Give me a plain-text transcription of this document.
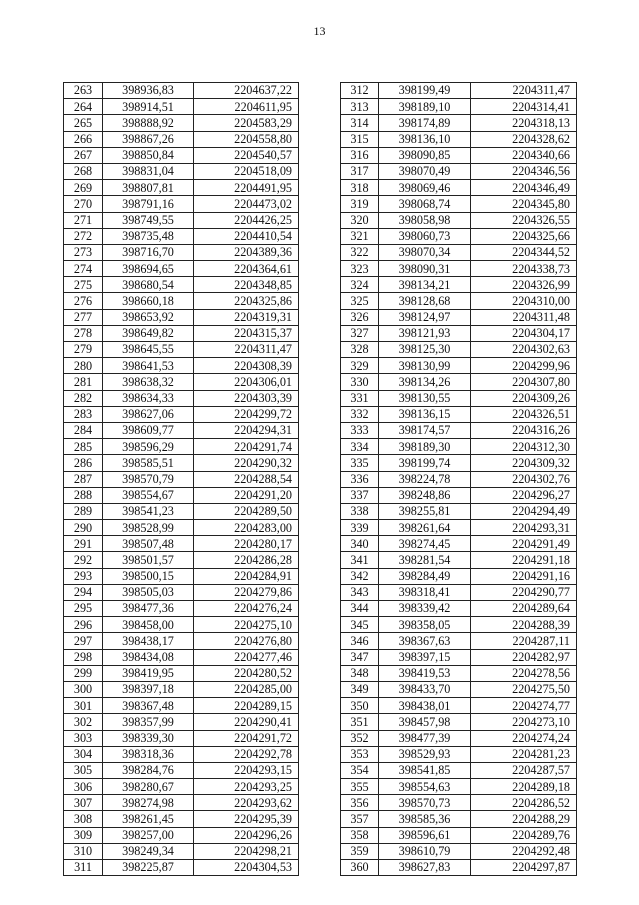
13
263	398936,83	2204637,22
264	398914,51	2204611,95
265	398888,92	2204583,29
266	398867,26	2204558,80
267	398850,84	2204540,57
268	398831,04	2204518,09
269	398807,81	2204491,95
270	398791,16	2204473,02
271	398749,55	2204426,25
272	398735,48	2204410,54
273	398716,70	2204389,36
274	398694,65	2204364,61
275	398680,54	2204348,85
276	398660,18	2204325,86
277	398653,92	2204319,31
278	398649,82	2204315,37
279	398645,55	2204311,47
280	398641,53	2204308,39
281	398638,32	2204306,01
282	398634,33	2204303,39
283	398627,06	2204299,72
284	398609,77	2204294,31
285	398596,29	2204291,74
286	398585,51	2204290,32
287	398570,79	2204288,54
288	398554,67	2204291,20
289	398541,23	2204289,50
290	398528,99	2204283,00
291	398507,48	2204280,17
292	398501,57	2204286,28
293	398500,15	2204284,91
294	398505,03	2204279,86
295	398477,36	2204276,24
296	398458,00	2204275,10
297	398438,17	2204276,80
298	398434,08	2204277,46
299	398419,95	2204280,52
300	398397,18	2204285,00
301	398367,48	2204289,15
302	398357,99	2204290,41
303	398339,30	2204291,72
304	398318,36	2204292,78
305	398284,76	2204293,15
306	398280,67	2204293,25
307	398274,98	2204293,62
308	398261,45	2204295,39
309	398257,00	2204296,26
310	398249,34	2204298,21
311	398225,87	2204304,53
312	398199,49	2204311,47
313	398189,10	2204314,41
314	398174,89	2204318,13
315	398136,10	2204328,62
316	398090,85	2204340,66
317	398070,49	2204346,56
318	398069,46	2204346,49
319	398068,74	2204345,80
320	398058,98	2204326,55
321	398060,73	2204325,66
322	398070,34	2204344,52
323	398090,31	2204338,73
324	398134,21	2204326,99
325	398128,68	2204310,00
326	398124,97	2204311,48
327	398121,93	2204304,17
328	398125,30	2204302,63
329	398130,99	2204299,96
330	398134,26	2204307,80
331	398130,55	2204309,26
332	398136,15	2204326,51
333	398174,57	2204316,26
334	398189,30	2204312,30
335	398199,74	2204309,32
336	398224,78	2204302,76
337	398248,86	2204296,27
338	398255,81	2204294,49
339	398261,64	2204293,31
340	398274,45	2204291,49
341	398281,54	2204291,18
342	398284,49	2204291,16
343	398318,41	2204290,77
344	398339,42	2204289,64
345	398358,05	2204288,39
346	398367,63	2204287,11
347	398397,15	2204282,97
348	398419,53	2204278,56
349	398433,70	2204275,50
350	398438,01	2204274,77
351	398457,98	2204273,10
352	398477,39	2204274,24
353	398529,93	2204281,23
354	398541,85	2204287,57
355	398554,63	2204289,18
356	398570,73	2204286,52
357	398585,36	2204288,29
358	398596,61	2204289,76
359	398610,79	2204292,48
360	398627,83	2204297,87
